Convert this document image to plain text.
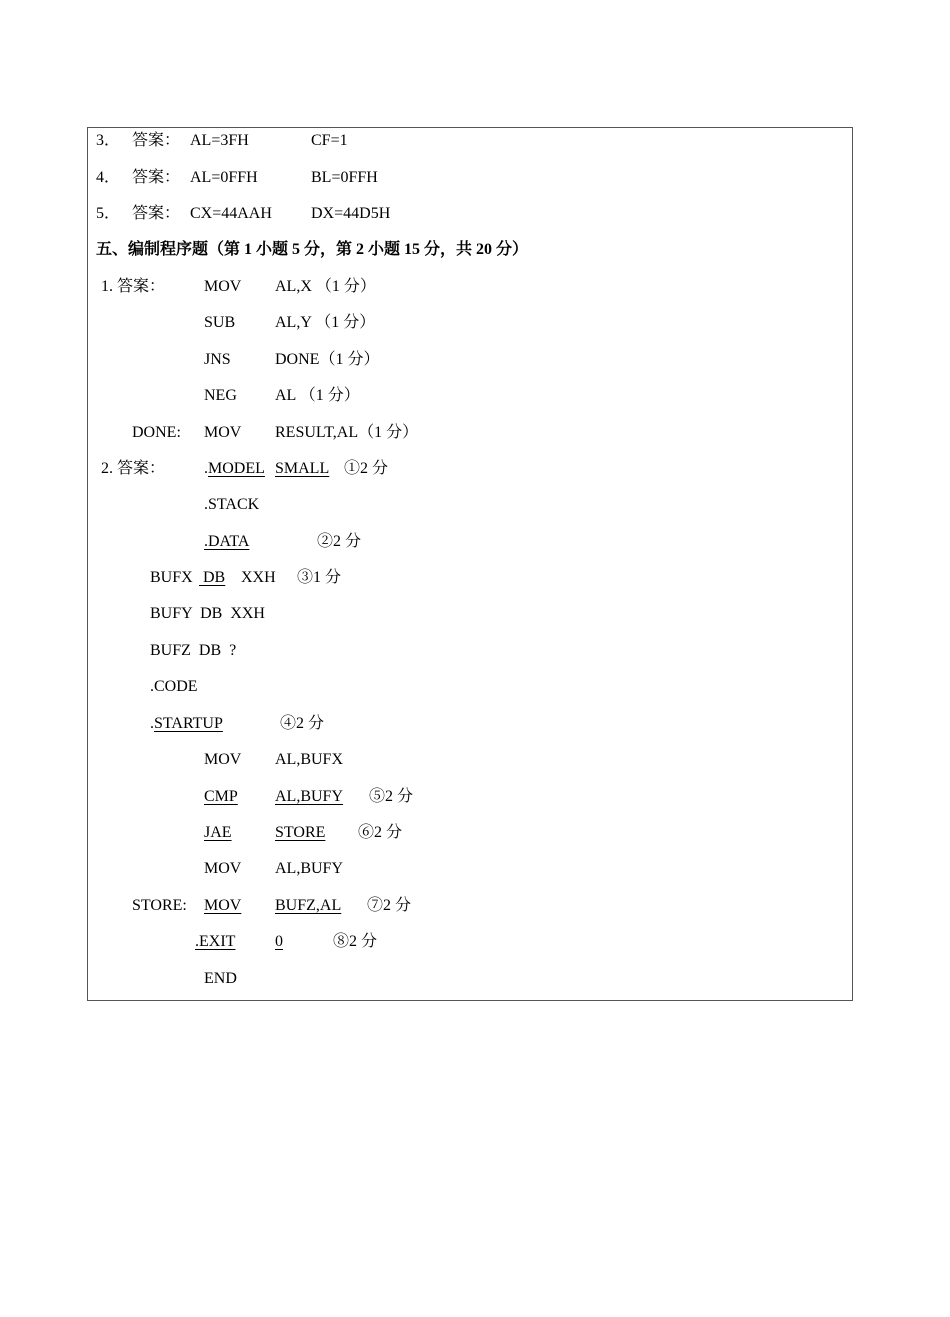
3． 答案： AL=3FH	CF=1
4． 答案： AL=0FFH	BL=0FFH
5． 答案： CX=44AAH DX=44D5H
五、编制程序题（第 1 小题 5 分，第 2 小题 15 分，共 20 分）
1. 答案： MOV AL,X （1 分）
SUB AL,Y （1 分）
JNS	DONE（1 分）
NEG AL （1 分）
DONE: MOV RESULT,AL（1 分）
2. 答案： . MODEL SMALL ①2 分
.STACK
.DATA	②2 分
BUFX DB XXH ③1 分
BUFY  DB  XXH
BUFZ  DB  ?
.CODE
. STARTUP	④2 分
MOV AL,BUFX
CMP	AL,BUFY ⑤2 分
JAE	STORE ⑥2 分
MOV AL,BUFY
STORE: MOV	BUFZ,AL ⑦2 分
.EXIT	0	⑧2 分
END
